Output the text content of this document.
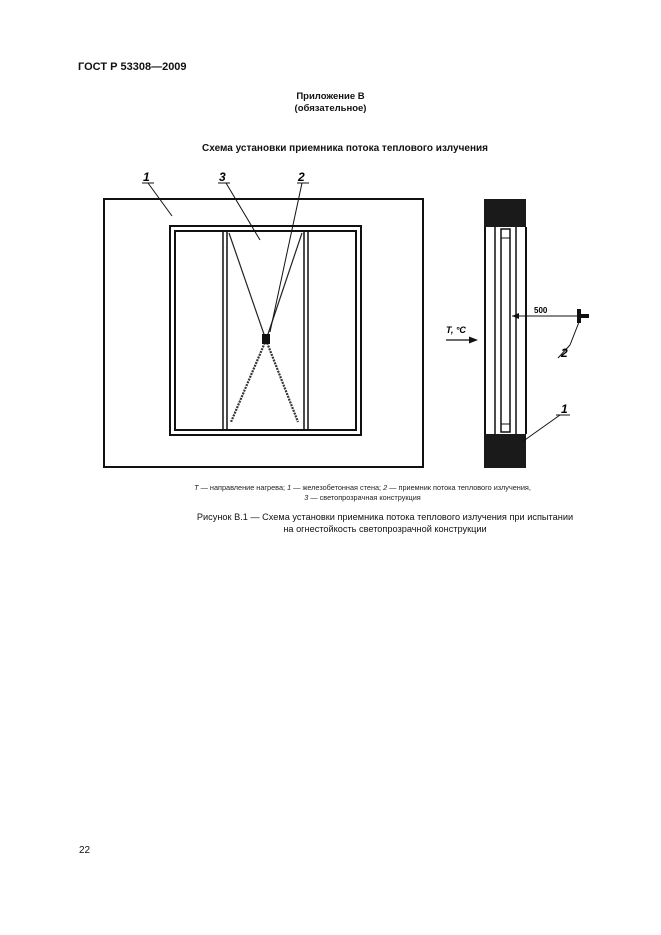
ГОСТ Р 53308—2009
Приложение В
(обязательное)
Схема установки приемника потока теплового излучения
1	3	2
500
2
1
T, °C
T — направление нагрева; 1 — железобетонная стена; 2 — приемник потока теплового излучения,
3 — светопрозрачная конструкция
Рисунок В.1 — Схема установки приемника потока теплового излучения при испытании
на огнестойкость светопрозрачной конструкции
22
